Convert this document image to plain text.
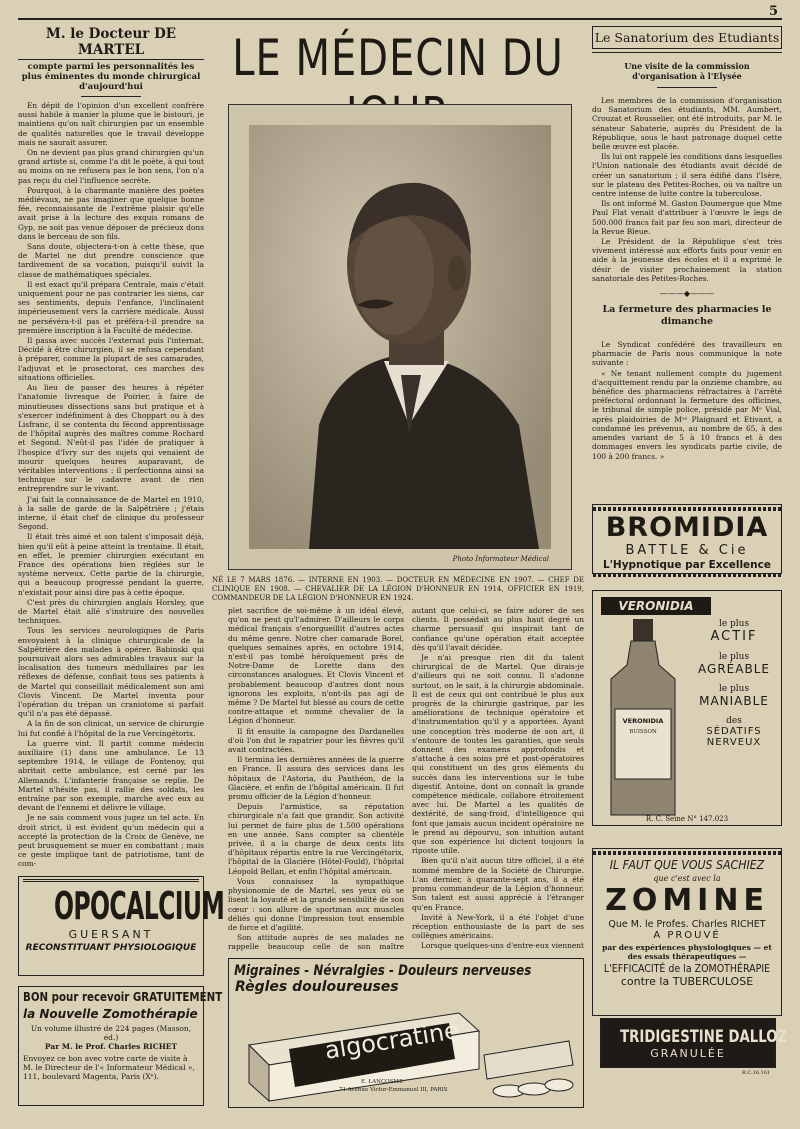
5
M. le Docteur DE MARTEL
compte parmi les personnalités les plus éminentes du monde chirurgical d'aujourd'hui

En dépit de l'opinion d'un excellent confrère aussi habile à manier la plume que le bistouri, je maintiens qu'on naît chirurgien par un ensemble de qualités naturelles que le travail développe mais ne saurait assurer.

On ne devient pas plus grand chirurgien qu'un grand artiste si, comme l'a dit le poète, à qui tout au moins on ne refusera pas le bon sens, l'on n'a pas reçu du ciel l'influence secrète.

Pourquoi, à la charmante manière des poètes médiévaux, ne pas imaginer que quelque bonne fée, reconnaissante de l'extrême plaisir qu'elle avait prise à la lecture des exquis romans de Gyp, ne soit pas venue déposer de précieux dons dans le berceau de son fils.

Sans doute, objectera-t-on à cette thèse, que de Martel ne dut prendre conscience que tardivement de sa vocation, puisqu'il suivit la classe de mathématiques spéciales.

Il est exact qu'il prépara Centrale, mais c'était uniquement pour ne pas contrarier les siens, car ses sentiments, depuis l'enfance, l'inclinaient impérieusement vers la carrière médicale. Aussi ne persévéra-t-il pas et préféra-t-il prendre sa première inscription à la Faculté de médecine.

Il passa avec succès l'externat puis l'internat. Décidé à être chirurgien, il se refusa cependant à préparer, comme la plupart de ses camarades, l'adjuvat et le prosectorat, ces marches des situations officielles.

Au lieu de passer des heures à répéter l'anatomie livresque de Poirier, à faire de minutieuses dissections sans but pratique et à s'exercer indéfiniment à des Choppart ou à des Lisfranc, il se contenta du fécond apprentissage de l'hôpital auprès des maîtres comme Rochard et Segond. N'eût-il pas l'idée de pratiquer à l'hospice d'Ivry sur des sujets qui venaient de mourir quelques heures auparavant, de véritables interventions : il perfectionna ainsi sa technique sur le cadavre avant de rien entreprendre sur le vivant.

J'ai fait la connaissance de de Martel en 1910, à la salle de garde de la Salpêtrière ; j'étais interne, il était chef de clinique du professeur Segond.

Il était très aimé et son talent s'imposait déjà, bien qu'il eût à peine atteint la trentaine. Il était, en effet, le premier chirurgien exécutant en France des opérations bien réglées sur le système nerveux. Cette partie de la chirurgie, qui a beaucoup progressé pendant la guerre, n'existait pour ainsi dire pas à cette époque.

C'est près du chirurgien anglais Horsley, que de Martel était allé s'instruire des nouvelles techniques.

Tous les services neurologiques de Paris envoyaient à la clinique chirurgicale de la Salpêtrière des malades à opérer. Babinski qui poursuivait alors ses admirables travaux sur la localisation des tumeurs médullaires par les réflexes de défense, confiait tous ses patients à de Martel qui conseillait médicalement son ami Clovis Vincent. De Martel inventa pour l'opération du trépan un craniotome si parfait qu'il n'a pas été dépassé.

A la fin de son clinicat, un service de chirurgie lui fut confié à l'hôpital de la rue Vercingétorix.

La guerre vint. Il partit comme médecin auxiliaire (1) dans une ambulance. Le 13 septembre 1914, le village de Fontenoy, qui abritait cette ambulance, est cerné par les Allemands. L'infanterie française se replie. De Martel n'hésite pas, il rallie des soldats, les entraîne par son exemple, marche avec eux au devant de l'ennemi et délivre le village.

Je ne sais comment vous jugez un tel acte. En droit strict, il est évident qu'un médecin qui a accepté la protection de la Croix de Genève, ne peut brusquement se muer en combattant ; mais ce geste implique tant de patriotisme, tant de com-

OPOCALCIUM
GUERSANT
RECONSTITUANT PHYSIOLOGIQUE
BON pour recevoir GRATUITEMENT
la Nouvelle Zomothérapie
Un volume illustré de 224 pages (Masson, éd.)
Par M. le Prof. Charles RICHET
Envoyez ce bon avec votre carte de visite à M. le Directeur de l'« Informateur Médical », 111, boulevard Magenta, Paris (Xᵉ).
LE MÉDECIN DU
Photo Informateur Médical
NÉ LE 7 MARS 1876. — INTERNE EN 1903. — DOCTEUR EN MÉDECINE EN 1907. — CHEF DE CLINIQUE EN 1908. — CHEVALIER DE LA LÉGION D'HONNEUR EN 1914, OFFICIER EN 1919, COMMANDEUR DE LA LÉGION D'HONNEUR EN 1924.

plet sacrifice de soi-même à un idéal élevé, qu'on ne peut qu'l'admirer. D'ailleurs le corps médical français s'enorgueillit d'autres actes du même genre. Notre cher camarade Borel, quelques semaines après, en octobre 1914, n'est-il pas tombé héroïquement près de Notre-Dame de Lorette dans des circonstances analogues. Et Clovis Vincent et probablement beaucoup d'autres dont nous ignorons les exploits, n'ont-ils pas agi de même ? De Martel fut blessé au cours de cette contre-attaque et nommé chevalier de la Légion d'honneur.

Il fit ensuite la campagne des Dardanelles d'où l'on dut le rapatrier pour les fièvres qu'il avait contractées.

Il termina les dernières années de la guerre en France. Il assura des services dans les hôpitaux de l'Astoria, du Panthéon, de la Glacière, et enfin de l'hôpital américain. Il fut promu officier de la Légion d'honneur.

Depuis l'armistice, sa réputation chirurgicale n'a fait que grandir. Son activité lui permet de faire plus de 1.500 opérations en une année. Sans compter sa clientèle privée, il a la charge de deux cents lits d'hôpitaux répartis entre la rue Vercingétorix, l'hôpital de la Glacière (Hôtel-Fould), l'hôpital Léopold Bellan, et enfin l'hôpital américain.

Vous connaissez la sympathique physionomie de de Martel, ses yeux où se lisent la loyauté et la grande sensibilité de son cœur : son allure de sportman aux muscles déliés qui donne l'impression tout ensemble de force et d'agilité.

Son attitude auprès de ses malades ne rappelle beaucoup celle de son maître

autant que celui-ci, se faire adorer de ses clients. Il possédait au plus haut degré un charme persuasif qui inspirait tant de confiance qu'une opération était acceptée dès qu'il l'avait décidée.

Je n'ai presque rien dit du talent chirurgical de de Martel. Que dirais-je d'ailleurs qui ne soit connu. Il s'adonne surtout, on le sait, à la chirurgie abdominale. Il est de ceux qui ont contribué le plus aux progrès de la chirurgie gastrique, par les améliorations de technique opératoire et d'instrumentation qu'il y a apportées. Ayant une conception très moderne de son art, il s'entoure de toutes les garanties, que seuls donnent des examens approfondis et s'attache à ces soins pré et post-opératoires qui constituent un des gros éléments du succès dans les interventions sur le tube digestif. Antoine, dont on connaît la grande compétence médicale, collabore étroitement avec lui. De Martel a les qualités de dextérité, de sang-froid, d'intelligence qui font que jamais aucun incident opératoire ne le prend au dépourvu, son intuition autant que son expérience lui dictent toujours la riposte utile.

Bien qu'il n'ait aucun titre officiel, il a été nommé membre de la Société de Chirurgie. L'an dernier, à quarante-sept ans, il a été promu commandeur de la Légion d'honneur. Son talent est aussi apprécié à l'étranger qu'en France.

Invité à New-York, il a été l'objet d'une réception enthousiaste de la part de ses collègues américains.

Lorsque quelques-uns d'entre-eux viennent

Migraines - Névralgies - Douleurs nerveuses
Règles douloureuses
algocratine
E. LANCOSME
71 Avenue Victor-Emmanuel III, PARIS
Le Sanatorium des Etudiants
Une visite de la commission d'organisation à l'Elysée

Les membres de la commission d'organisation du Sanatorium des étudiants, MM. Aumbert, Crouzat et Rousselier, ont été introduits, par M. le sénateur Sabaterie, auprès du Président de la République, sous le haut patronage duquel cette belle œuvre est placée.

Ils lui ont rappelé les conditions dans lesquelles l'Union nationale des étudiants avait décidé de créer un sanatorium ; il sera édifié dans l'Isère, sur le plateau des Petites-Roches, où va naître un centre intense de lutte contre la tuberculose.

Ils ont informé M. Gaston Doumergue que Mme Paul Flat venait d'attribuer à l'œuvre le legs de 500.000 francs fait par feu son mari, directeur de la Revue Bleue.

Le Président de la République s'est très vivement intéressé aux efforts faits pour venir en aide à la jeunesse des écoles et il a exprimé le désir de visiter prochainement la station sanatoriale des Petites-Roches.

———◆———
La fermeture des pharmacies le dimanche

Le Syndicat confédéré des travailleurs en pharmacie de Paris nous communique la note suivante :

« Ne tenant nullement compte du jugement d'acquittement rendu par la onzième chambre, au bénéfice des pharmaciens réfractaires à l'arrêté préfectoral ordonnant la fermeture des officines, le tribunal de simple police, présidé par Mᵉ Vial, après plaidoiries de Mᵉˢ Plaignard et Etivant, a condamné les prévenus, au nombre de 65, à des amendes variant de 5 à 10 francs et à des dommages envers les syndicats partie civile, de 100 à 200 francs. »

BROMIDIA
BATTLE & Cie
L'Hypnotique par Excellence
VERONIDIA
VERONIDIA
BUISSON
le plus
ACTIF
le plus
AGRÉABLE
le plus
MANIABLE
des
SÉDATIFS
NERVEUX
R. C. Seine N° 147.023
IL FAUT QUE VOUS SACHIEZ
que c'est avec la
ZOMINE
Que M. le Profes. Charles RICHET
A PROUVÉ
par des expériences physiologiques — et des essais thérapeutiques —
L'EFFICACITÉ de la ZOMOTHÉRAPIE
contre la TUBERCULOSE
TRIDIGESTINE DALLOZ
GRANULÉE
R.C.16.161
